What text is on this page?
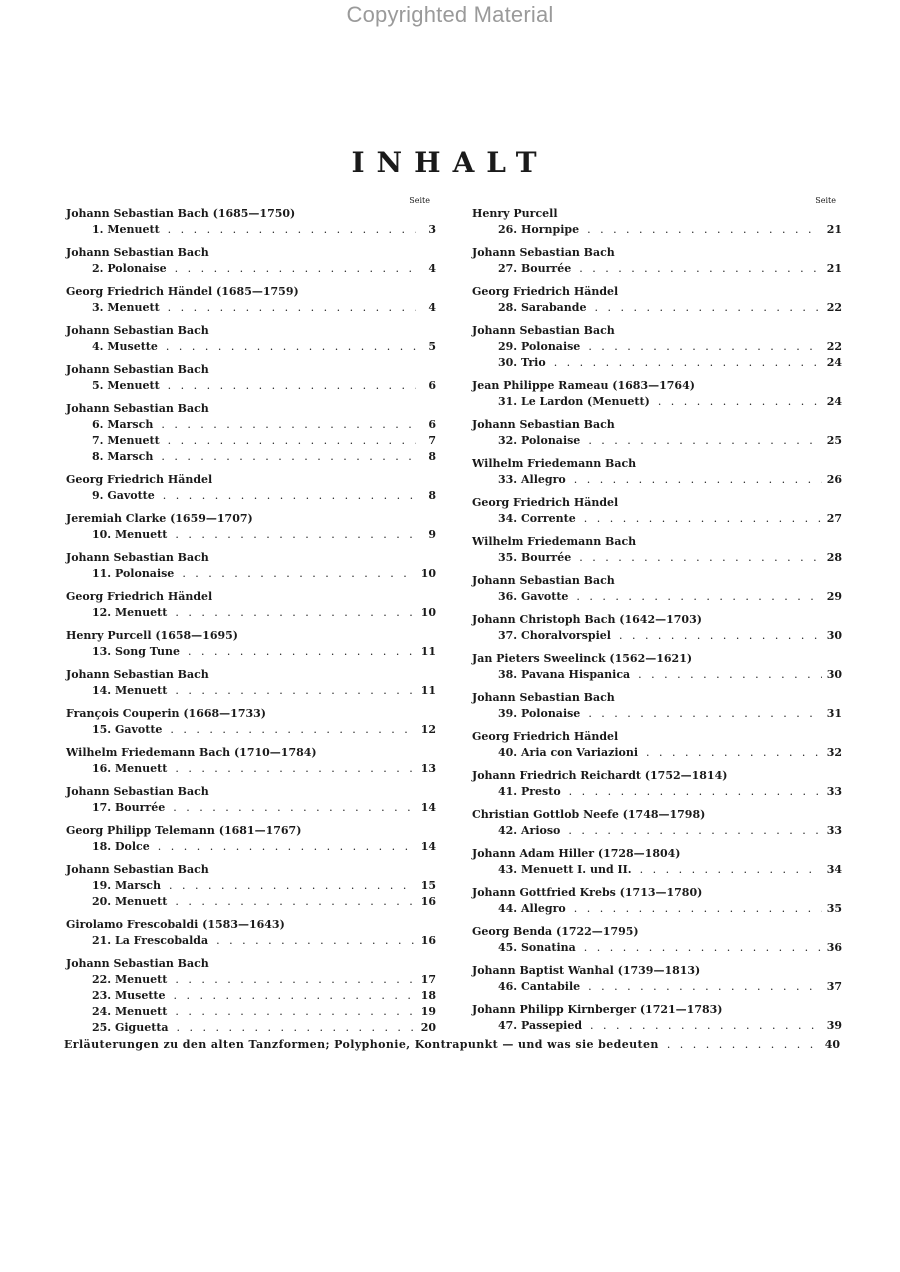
Copyrighted Material
INHALT
Seite
Johann Sebastian Bach (1685—1750)
1.
Menuett . . .	3
Johann Sebastian Bach
2.
Polonaise . . .	4
Georg Friedrich Händel (1685—1759)
3.
Menuett . . .	4
Johann Sebastian Bach
4.
Musette . . .	5
Johann Sebastian Bach
5.
Menuett . . .	6
Johann Sebastian Bach
6.
Marsch . . .	6
7.
Menuett . . .	7
8.
Marsch . . .	8
Georg Friedrich Händel
9.
Gavotte . . .	8
Jeremiah Clarke (1659—1707)
10.
Menuett . . .	9
Johann Sebastian Bach
11.
Polonaise . . .	10
Georg Friedrich Händel
12.
Menuett . . .	10
Henry Purcell (1658—1695)
13.
Song Tune . . .	11
Johann Sebastian Bach
14.
Menuett . . .	11
François Couperin (1668—1733)
15.
Gavotte . . .	12
Wilhelm Friedemann Bach (1710—1784)
16.
Menuett . . .	13
Johann Sebastian Bach
17.
Bourrée . . .	14
Georg Philipp Telemann (1681—1767)
18.
Dolce . . .	14
Johann Sebastian Bach
19.
Marsch . . .	15
20.
Menuett . . .	16
Girolamo Frescobaldi (1583—1643)
21.
La Frescobalda . . .	16
Johann Sebastian Bach
22.
Menuett . . .	17
23.
Musette . . .	18
24.
Menuett . . .	19
25.
Giguetta . . .	20
Seite
Henry Purcell
26.
Hornpipe . . .	21
Johann Sebastian Bach
27.
Bourrée . . .	21
Georg Friedrich Händel
28.
Sarabande . . .	22
Johann Sebastian Bach
29.
Polonaise . . .	22
30.
Trio . . .	24
Jean Philippe Rameau (1683—1764)
31.
Le Lardon (Menuett) . . .	24
Johann Sebastian Bach
32.
Polonaise . . .	25
Wilhelm Friedemann Bach
33.
Allegro . . .	26
Georg Friedrich Händel
34.
Corrente . . .	27
Wilhelm Friedemann Bach
35.
Bourrée . . .	28
Johann Sebastian Bach
36.
Gavotte . . .	29
Johann Christoph Bach (1642—1703)
37.
Choralvorspiel . . .	30
Jan Pieters Sweelinck (1562—1621)
38.
Pavana Hispanica . . .	30
Johann Sebastian Bach
39.
Polonaise . . .	31
Georg Friedrich Händel
40.
Aria con Variazioni . . .	32
Johann Friedrich Reichardt (1752—1814)
41.
Presto . . .	33
Christian Gottlob Neefe (1748—1798)
42.
Arioso . . .	33
Johann Adam Hiller (1728—1804)
43.
Menuett I. und II. . . .	34
Johann Gottfried Krebs (1713—1780)
44.
Allegro . . .	35
Georg Benda (1722—1795)
45.
Sonatina . . .	36
Johann Baptist Wanhal (1739—1813)
46.
Cantabile . . .	37
Johann Philipp Kirnberger (1721—1783)
47.
Passepied . . .	39
Erläuterungen zu den alten Tanzformen; Polyphonie, Kontrapunkt — und was sie bedeuten . . .	40
